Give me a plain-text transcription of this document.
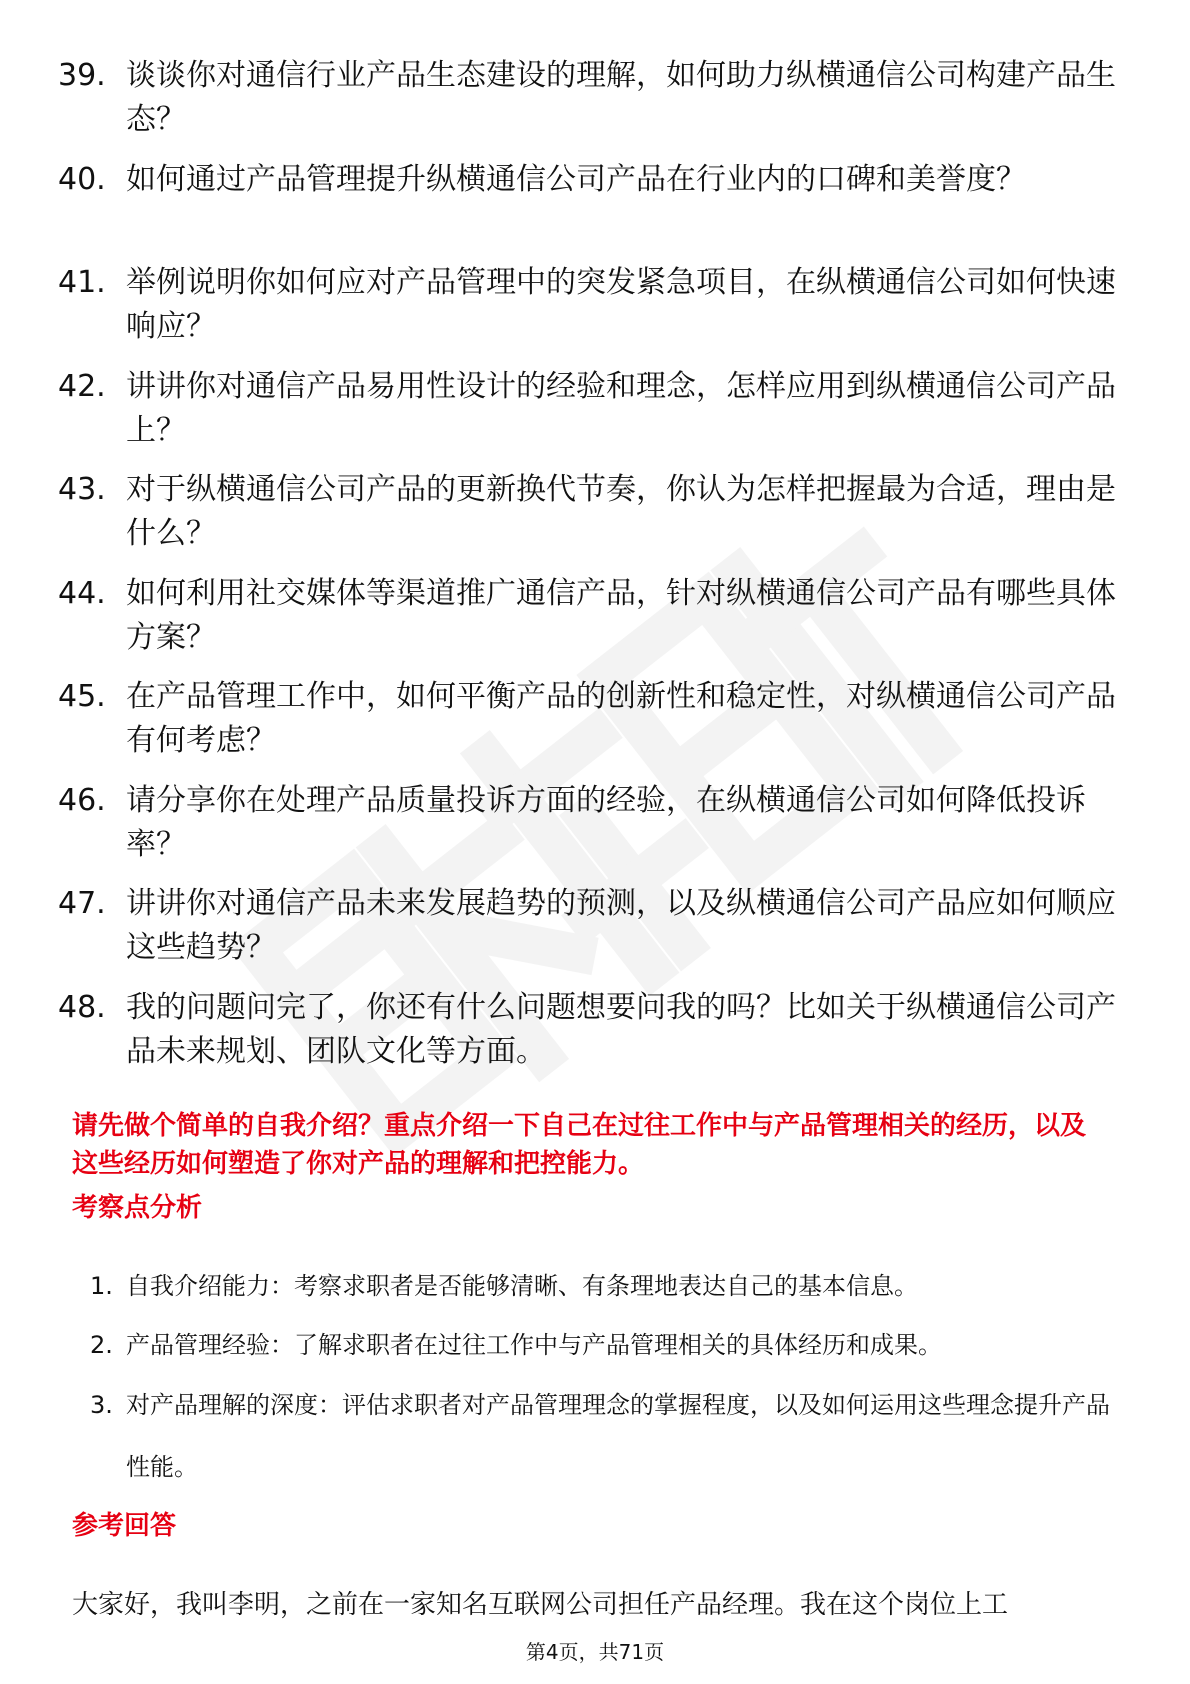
39. 谈谈你对通信行业产品生态建设的理解，如何助力纵横通信公司构建产品生态？
40. 如何通过产品管理提升纵横通信公司产品在行业内的口碑和美誉度？
41. 举例说明你如何应对产品管理中的突发紧急项目，在纵横通信公司如何快速响应？
42. 讲讲你对通信产品易用性设计的经验和理念，怎样应用到纵横通信公司产品上？
43. 对于纵横通信公司产品的更新换代节奏，你认为怎样把握最为合适，理由是什么？
44. 如何利用社交媒体等渠道推广通信产品，针对纵横通信公司产品有哪些具体方案？
45. 在产品管理工作中，如何平衡产品的创新性和稳定性，对纵横通信公司产品有何考虑？
46. 请分享你在处理产品质量投诉方面的经验，在纵横通信公司如何降低投诉率？
47. 讲讲你对通信产品未来发展趋势的预测，以及纵横通信公司产品应如何顺应这些趋势？
48. 我的问题问完了，你还有什么问题想要问我的吗？比如关于纵横通信公司产品未来规划、团队文化等方面。
请先做个简单的自我介绍？重点介绍一下自己在过往工作中与产品管理相关的经历，以及这些经历如何塑造了你对产品的理解和把控能力。
考察点分析
1. 自我介绍能力：考察求职者是否能够清晰、有条理地表达自己的基本信息。
2. 产品管理经验：了解求职者在过往工作中与产品管理相关的具体经历和成果。
3. 对产品理解的深度：评估求职者对产品管理理念的掌握程度，以及如何运用这些理念提升产品性能。
参考回答
大家好，我叫李明，之前在一家知名互联网公司担任产品经理。我在这个岗位上工
第4页，共71页
